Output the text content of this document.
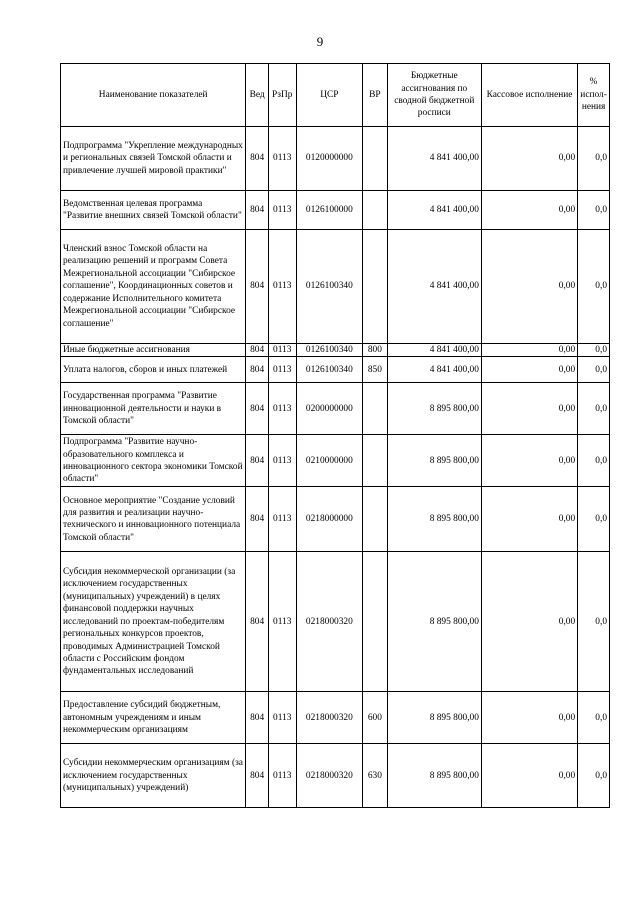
9
Наименование показателей	Вед	РзПр	ЦСР	ВР	Бюджетные ассигнования по сводной бюджетной росписи	Кассовое исполнение	% испол-нения
Подпрограмма "Укрепление международных и региональных связей Томской области и привлечение лучшей мировой практики"	804	0113	0120000000		4 841 400,00	0,00	0,0
Ведомственная целевая программа "Развитие внешних связей Томской области"	804	0113	0126100000		4 841 400,00	0,00	0,0
Членский взнос Томской области на реализацию решений и программ Совета Межрегиональной ассоциации "Сибирское соглашение", Координационных советов и содержание Исполнительного комитета Межрегиональной ассоциации "Сибирское соглашение"	804	0113	0126100340		4 841 400,00	0,00	0,0
Иные бюджетные ассигнования	804	0113	0126100340	800	4 841 400,00	0,00	0,0
Уплата налогов, сборов и иных платежей	804	0113	0126100340	850	4 841 400,00	0,00	0,0
Государственная программа "Развитие инновационной деятельности и науки в Томской области"	804	0113	0200000000		8 895 800,00	0,00	0,0
Подпрограмма "Развитие научно-образовательного комплекса и инновационного сектора экономики Томской области"	804	0113	0210000000		8 895 800,00	0,00	0,0
Основное мероприятие "Создание условий для развития и реализации научно-технического и инновационного потенциала Томской области"	804	0113	0218000000		8 895 800,00	0,00	0,0
Субсидия некоммерческой организации (за исключением государственных (муниципальных) учреждений) в целях финансовой поддержки научных исследований по проектам-победителям региональных конкурсов проектов, проводимых Администрацией Томской области с Российским фондом фундаментальных исследований	804	0113	0218000320		8 895 800,00	0,00	0,0
Предоставление субсидий бюджетным, автономным учреждениям и иным некоммерческим организациям	804	0113	0218000320	600	8 895 800,00	0,00	0,0
Субсидии некоммерческим организациям (за исключением государственных (муниципальных) учреждений)	804	0113	0218000320	630	8 895 800,00	0,00	0,0
